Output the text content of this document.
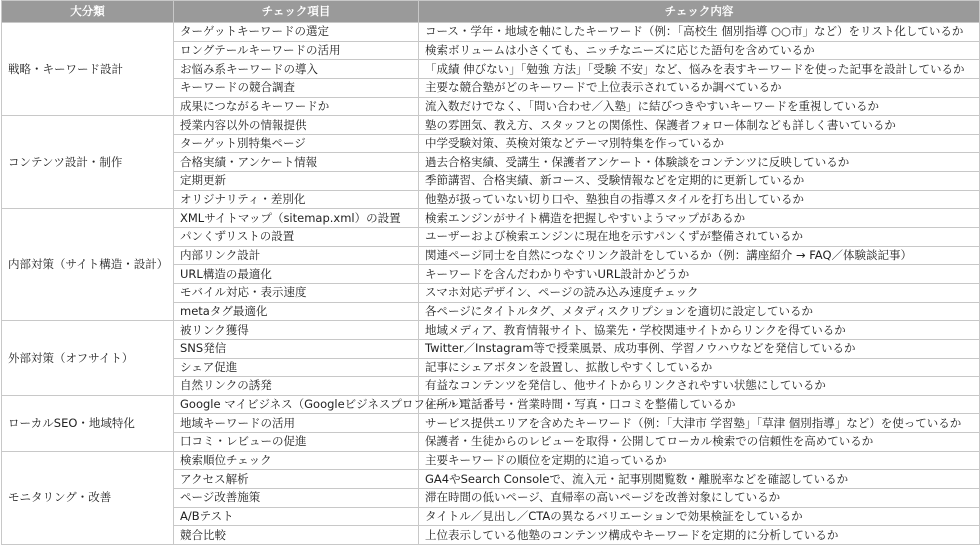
大分類	チェック項目	チェック内容
戦略・キーワード設計	ターゲットキーワードの選定	コース・学年・地域を軸にしたキーワード（例：「高校生 個別指導 ○○市」など）をリスト化しているか
	ロングテールキーワードの活用	検索ボリュームは小さくても、ニッチなニーズに応じた語句を含めているか
	お悩み系キーワードの導入	「成績 伸びない」「勉強 方法」「受験 不安」など、悩みを表すキーワードを使った記事を設計しているか
	キーワードの競合調査	主要な競合塾がどのキーワードで上位表示されているか調べているか
	成果につながるキーワードか	流入数だけでなく、「問い合わせ／入塾」に結びつきやすいキーワードを重視しているか
コンテンツ設計・制作	授業内容以外の情報提供	塾の雰囲気、教え方、スタッフとの関係性、保護者フォロー体制なども詳しく書いているか
	ターゲット別特集ページ	中学受験対策、英検対策などテーマ別特集を作っているか
	合格実績・アンケート情報	過去合格実績、受講生・保護者アンケート・体験談をコンテンツに反映しているか
	定期更新	季節講習、合格実績、新コース、受験情報などを定期的に更新しているか
	オリジナリティ・差別化	他塾が扱っていない切り口や、塾独自の指導スタイルを打ち出しているか
内部対策（サイト構造・設計）	XMLサイトマップ（sitemap.xml）の設置	検索エンジンがサイト構造を把握しやすいようマップがあるか
	パンくずリストの設置	ユーザーおよび検索エンジンに現在地を示すパンくずが整備されているか
	内部リンク設計	関連ページ同士を自然につなぐリンク設計をしているか（例：講座紹介 → FAQ／体験談記事）
	URL構造の最適化	キーワードを含んだわかりやすいURL設計かどうか
	モバイル対応・表示速度	スマホ対応デザイン、ページの読み込み速度チェック
	metaタグ最適化	各ページにタイトルタグ、メタディスクリプションを適切に設定しているか
外部対策（オフサイト）	被リンク獲得	地域メディア、教育情報サイト、協業先・学校関連サイトからリンクを得ているか
	SNS発信	Twitter／Instagram等で授業風景、成功事例、学習ノウハウなどを発信しているか
	シェア促進	記事にシェアボタンを設置し、拡散しやすくしているか
	自然リンクの誘発	有益なコンテンツを発信し、他サイトからリンクされやすい状態にしているか
ローカルSEO・地域特化	Google マイビジネス（Googleビジネスプロフィール）	住所・電話番号・営業時間・写真・口コミを整備しているか
	地域キーワードの活用	サービス提供エリアを含めたキーワード（例：「大津市 学習塾」「草津 個別指導」など）を使っているか
	口コミ・レビューの促進	保護者・生徒からのレビューを取得・公開してローカル検索での信頼性を高めているか
モニタリング・改善	検索順位チェック	主要キーワードの順位を定期的に追っているか
	アクセス解析	GA4やSearch Consoleで、流入元・記事別閲覧数・離脱率などを確認しているか
	ページ改善施策	滞在時間の低いページ、直帰率の高いページを改善対象にしているか
	A/Bテスト	タイトル／見出し／CTAの異なるバリエーションで効果検証をしているか
	競合比較	上位表示している他塾のコンテンツ構成やキーワードを定期的に分析しているか
